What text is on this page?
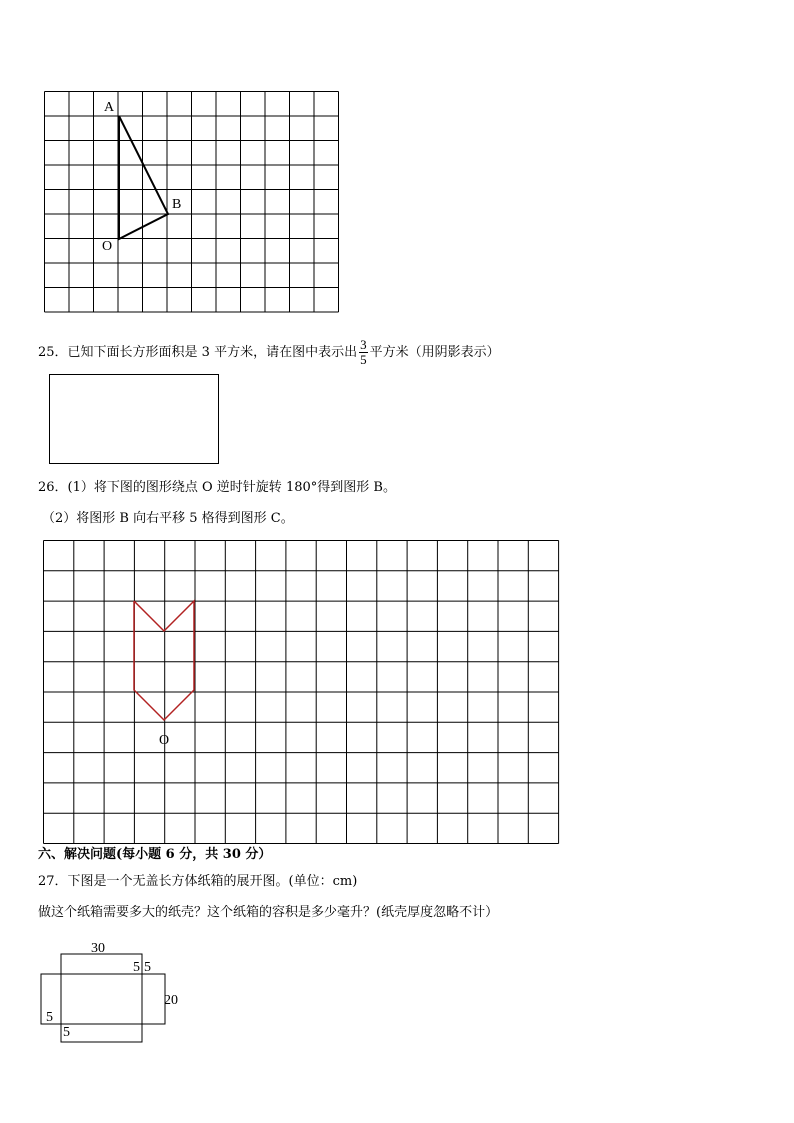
A
B
O
25．已知下面长方形面积是 3 平方米，请在图中表示出 $\frac{3}{5}$ 平方米（用阴影表示）
26．(1）将下图的图形绕点 O 逆时针旋转 180°得到图形 B。
（2）将图形 B 向右平移 5 格得到图形 C。
O
六、解决问题(每小题 6 分，共 30 分）
27．下图是一个无盖长方体纸箱的展开图。(单位：cm)
做这个纸箱需要多大的纸壳？这个纸箱的容积是多少毫升？(纸壳厚度忽略不计）
30
5 5
20
5
5
